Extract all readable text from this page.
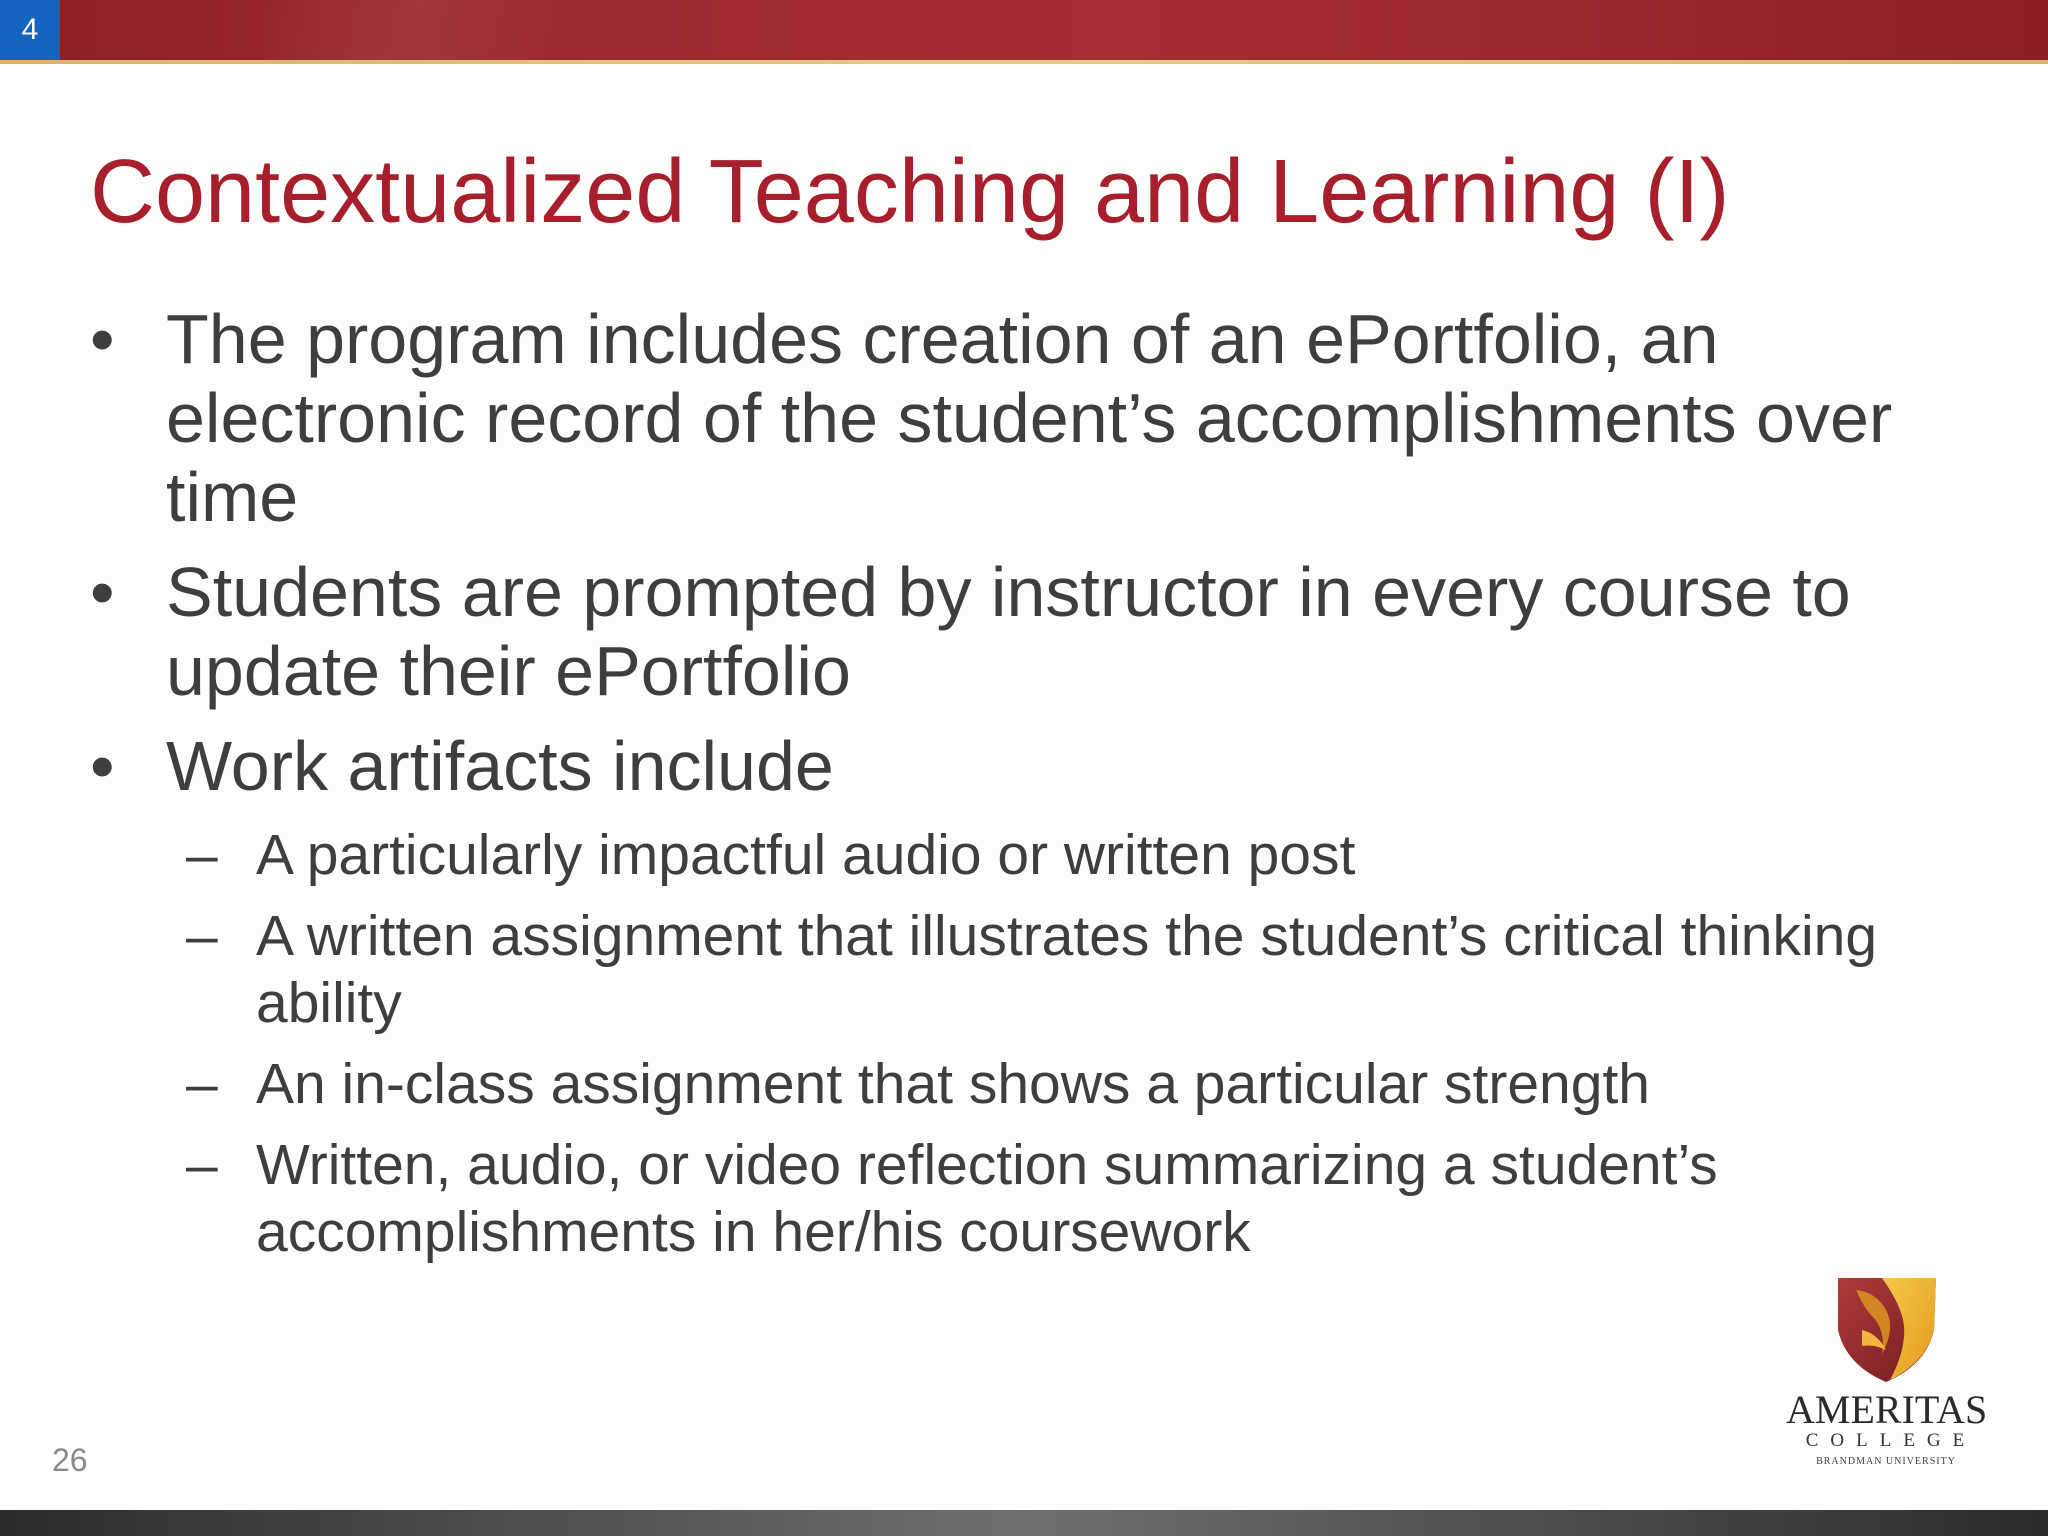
4
Contextualized Teaching and Learning (I)
• The program includes creation of an ePortfolio, an electronic record of the student’s accomplishments over time
• Students are prompted by instructor in every course to update their ePortfolio
• Work artifacts include
– A particularly impactful audio or written post
– A written assignment that illustrates the student’s critical thinking ability
– An in-class assignment that shows a particular strength
– Written, audio, or video reflection summarizing a student’s accomplishments in her/his coursework
AMERITAS
COLLEGE
BRANDMAN UNIVERSITY
26
